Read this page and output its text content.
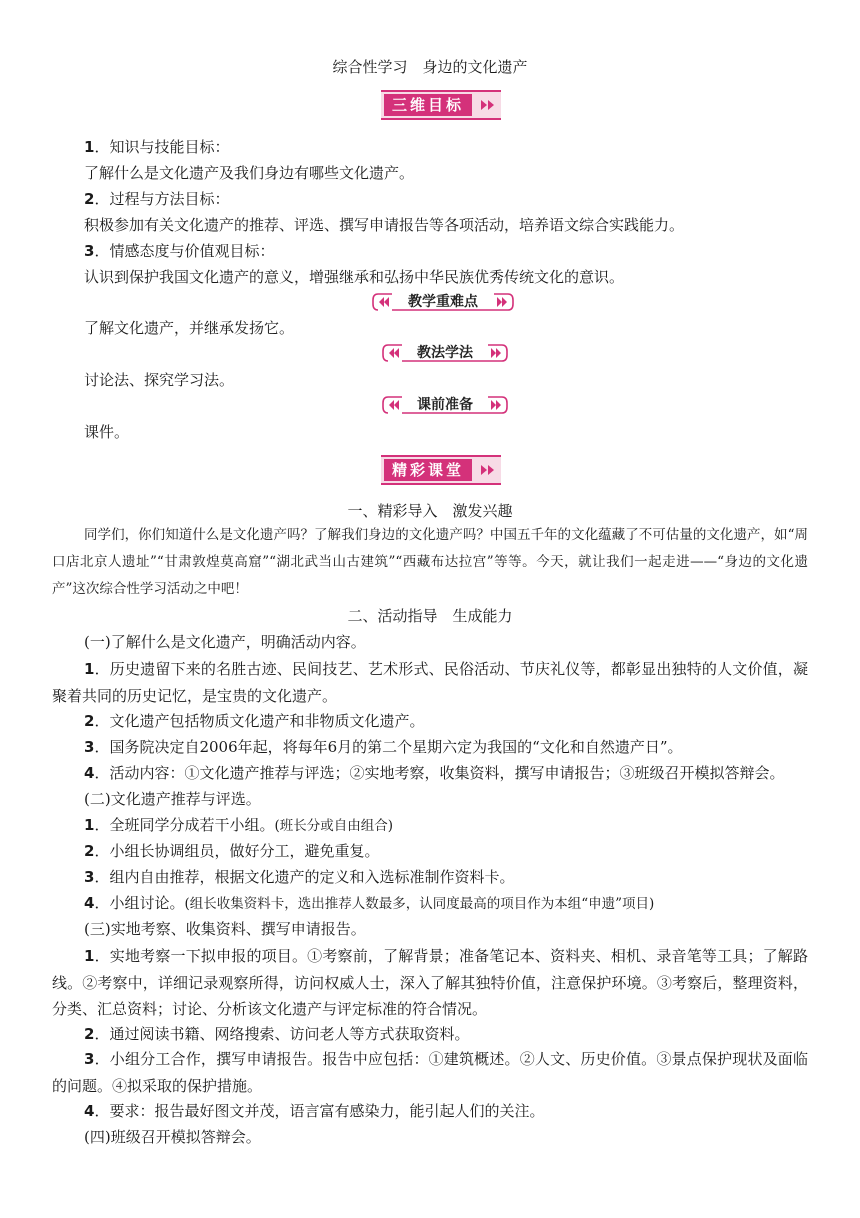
综合性学习　身边的文化遗产
三维目标
1．知识与技能目标：
了解什么是文化遗产及我们身边有哪些文化遗产。
2．过程与方法目标：
积极参加有关文化遗产的推荐、评选、撰写申请报告等各项活动，培养语文综合实践能力。
3．情感态度与价值观目标：
认识到保护我国文化遗产的意义，增强继承和弘扬中华民族优秀传统文化的意识。
教学重难点
了解文化遗产，并继承发扬它。
教法学法
讨论法、探究学习法。
课前准备
课件。
精彩课堂
一、精彩导入　激发兴趣
同学们，你们知道什么是文化遗产吗？了解我们身边的文化遗产吗？中国五千年的文化蕴藏了不可估量的文化遗产，如“周口店北京人遗址”“甘肃敦煌莫高窟”“湖北武当山古建筑”“西藏布达拉宫”等等。今天，就让我们一起走进——“身边的文化遗产”这次综合性学习活动之中吧！
二、活动指导　生成能力
(一)了解什么是文化遗产，明确活动内容。
1．历史遗留下来的名胜古迹、民间技艺、艺术形式、民俗活动、节庆礼仪等，都彰显出独特的人文价值，凝聚着共同的历史记忆，是宝贵的文化遗产。
2．文化遗产包括物质文化遗产和非物质文化遗产。
3．国务院决定自2006年起，将每年6月的第二个星期六定为我国的“文化和自然遗产日”。
4．活动内容：①文化遗产推荐与评选；②实地考察，收集资料，撰写申请报告；③班级召开模拟答辩会。
(二)文化遗产推荐与评选。
1．全班同学分成若干小组。(班长分或自由组合)
2．小组长协调组员，做好分工，避免重复。
3．组内自由推荐，根据文化遗产的定义和入选标准制作资料卡。
4．小组讨论。(组长收集资料卡，选出推荐人数最多，认同度最高的项目作为本组“申遗”项目)
(三)实地考察、收集资料、撰写申请报告。
1．实地考察一下拟申报的项目。①考察前，了解背景；准备笔记本、资料夹、相机、录音笔等工具；了解路线。②考察中，详细记录观察所得，访问权威人士，深入了解其独特价值，注意保护环境。③考察后，整理资料，分类、汇总资料；讨论、分析该文化遗产与评定标准的符合情况。
2．通过阅读书籍、网络搜索、访问老人等方式获取资料。
3．小组分工合作，撰写申请报告。报告中应包括：①建筑概述。②人文、历史价值。③景点保护现状及面临的问题。④拟采取的保护措施。
4．要求：报告最好图文并茂，语言富有感染力，能引起人们的关注。
(四)班级召开模拟答辩会。
